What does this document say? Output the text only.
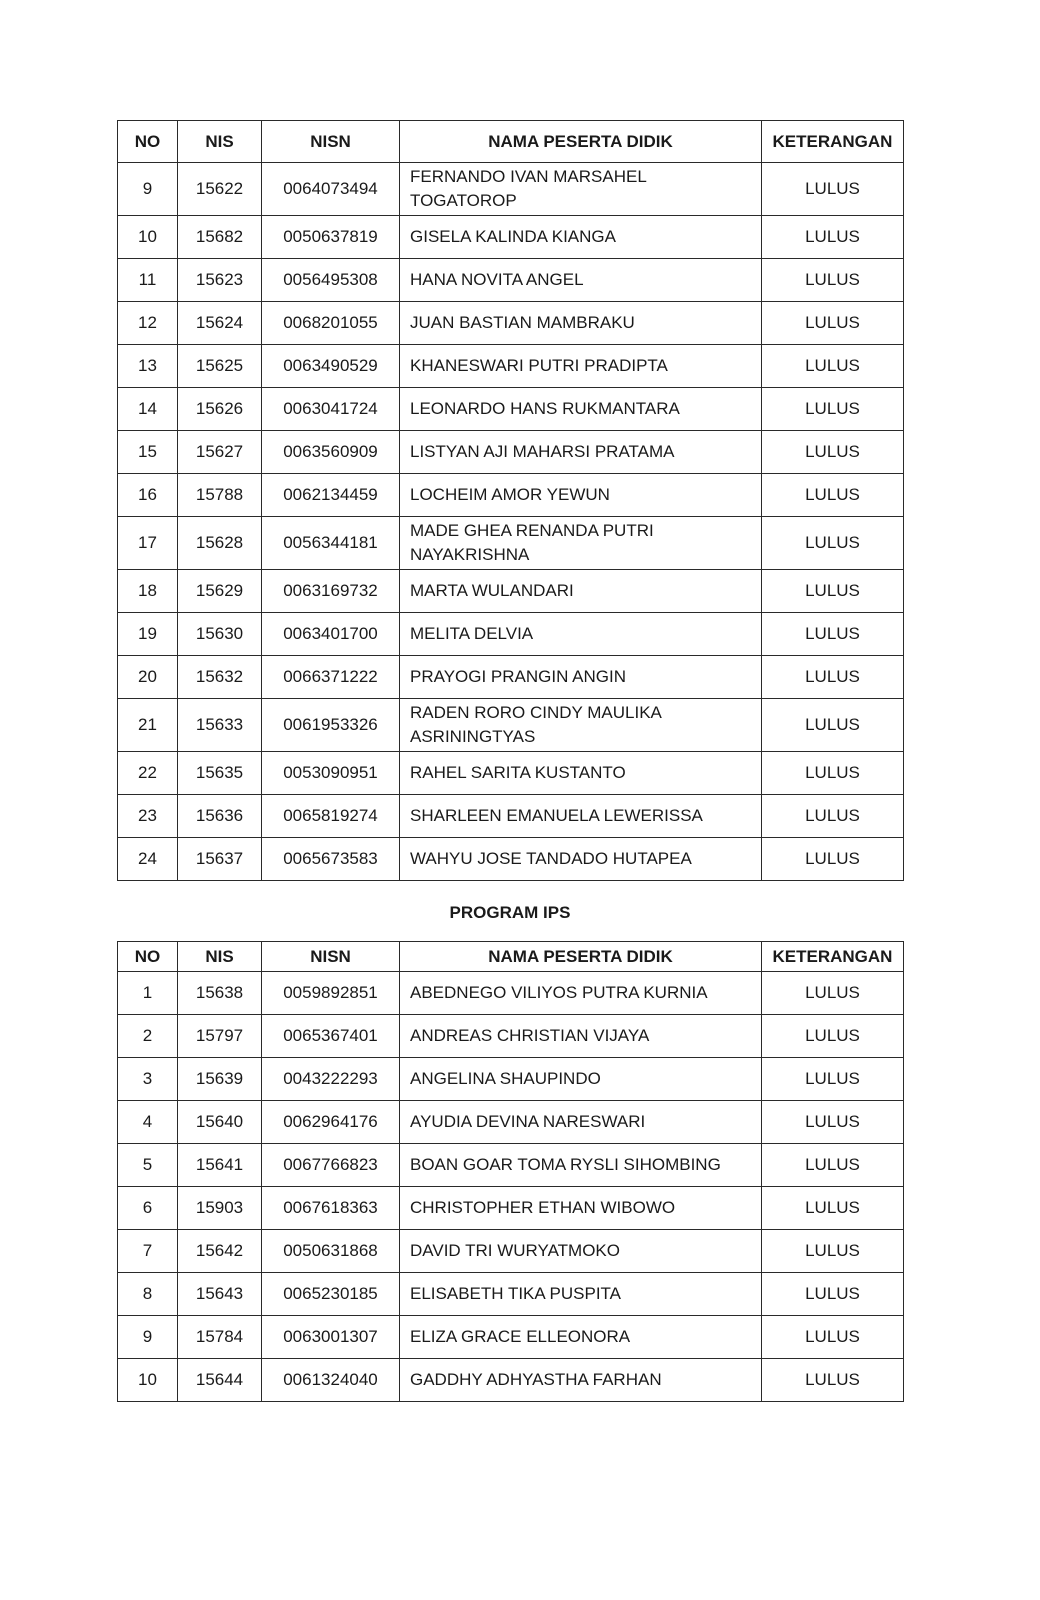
NO	NIS	NISN	NAMA PESERTA DIDIK	KETERANGAN
9	15622	0064073494	FERNANDO IVAN MARSAHEL TOGATOROP	LULUS
10	15682	0050637819	GISELA KALINDA KIANGA	LULUS
11	15623	0056495308	HANA NOVITA ANGEL	LULUS
12	15624	0068201055	JUAN BASTIAN MAMBRAKU	LULUS
13	15625	0063490529	KHANESWARI PUTRI PRADIPTA	LULUS
14	15626	0063041724	LEONARDO HANS RUKMANTARA	LULUS
15	15627	0063560909	LISTYAN AJI MAHARSI PRATAMA	LULUS
16	15788	0062134459	LOCHEIM AMOR YEWUN	LULUS
17	15628	0056344181	MADE GHEA RENANDA PUTRI NAYAKRISHNA	LULUS
18	15629	0063169732	MARTA WULANDARI	LULUS
19	15630	0063401700	MELITA DELVIA	LULUS
20	15632	0066371222	PRAYOGI PRANGIN ANGIN	LULUS
21	15633	0061953326	RADEN RORO CINDY MAULIKA ASRININGTYAS	LULUS
22	15635	0053090951	RAHEL SARITA KUSTANTO	LULUS
23	15636	0065819274	SHARLEEN EMANUELA LEWERISSA	LULUS
24	15637	0065673583	WAHYU JOSE TANDADO HUTAPEA	LULUS
PROGRAM IPS
NO	NIS	NISN	NAMA PESERTA DIDIK	KETERANGAN
1	15638	0059892851	ABEDNEGO VILIYOS PUTRA KURNIA	LULUS
2	15797	0065367401	ANDREAS CHRISTIAN VIJAYA	LULUS
3	15639	0043222293	ANGELINA SHAUPINDO	LULUS
4	15640	0062964176	AYUDIA DEVINA NARESWARI	LULUS
5	15641	0067766823	BOAN GOAR TOMA RYSLI SIHOMBING	LULUS
6	15903	0067618363	CHRISTOPHER ETHAN WIBOWO	LULUS
7	15642	0050631868	DAVID TRI WURYATMOKO	LULUS
8	15643	0065230185	ELISABETH TIKA PUSPITA	LULUS
9	15784	0063001307	ELIZA GRACE ELLEONORA	LULUS
10	15644	0061324040	GADDHY ADHYASTHA FARHAN	LULUS
